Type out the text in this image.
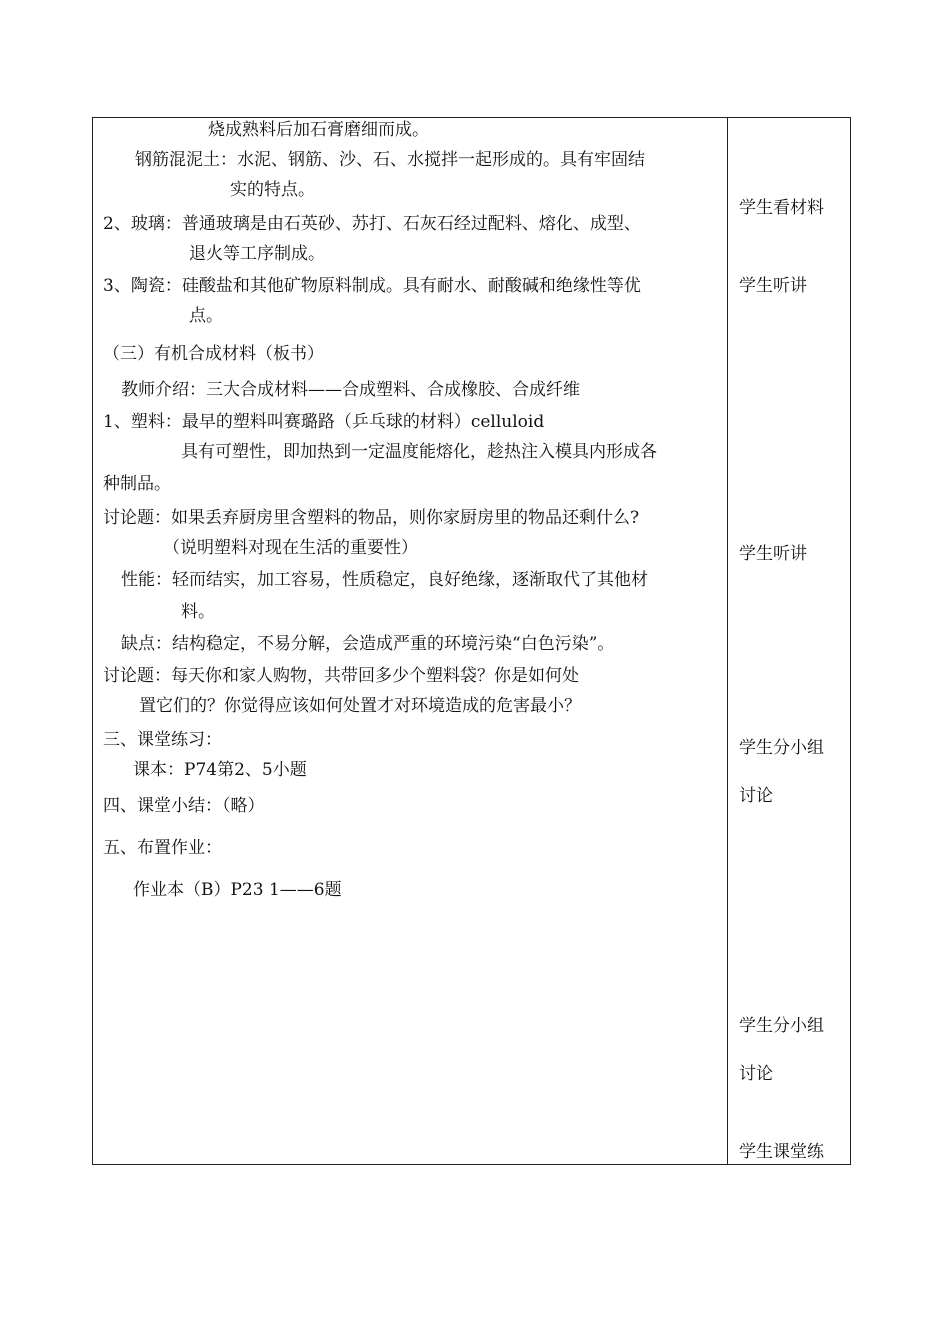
烧成熟料后加石膏磨细而成。
钢筋混泥土：水泥、钢筋、沙、石、水搅拌一起形成的。具有牢固结
实的特点。
2、玻璃：普通玻璃是由石英砂、苏打、石灰石经过配料、熔化、成型、
退火等工序制成。
3、陶瓷：硅酸盐和其他矿物原料制成。具有耐水、耐酸碱和绝缘性等优
点。
（三）有机合成材料（板书）
教师介绍：三大合成材料——合成塑料、合成橡胶、合成纤维
1、塑料：最早的塑料叫赛璐路（乒乓球的材料）celluloid
具有可塑性，即加热到一定温度能熔化，趁热注入模具内形成各
种制品。
讨论题：如果丢弃厨房里含塑料的物品，则你家厨房里的物品还剩什么?
（说明塑料对现在生活的重要性）
性能：轻而结实，加工容易，性质稳定，良好绝缘，逐渐取代了其他材
料。
缺点：结构稳定，不易分解，会造成严重的环境污染“白色污染”。
讨论题：每天你和家人购物，共带回多少个塑料袋？你是如何处
置它们的？你觉得应该如何处置才对环境造成的危害最小？
三、课堂练习：
课本：P74第2、5小题
四、课堂小结：（略）
五、布置作业：
作业本（B）P23 1——6题
学生看材料
学生听讲
学生听讲
学生分小组
讨论
学生分小组
讨论
学生课堂练
